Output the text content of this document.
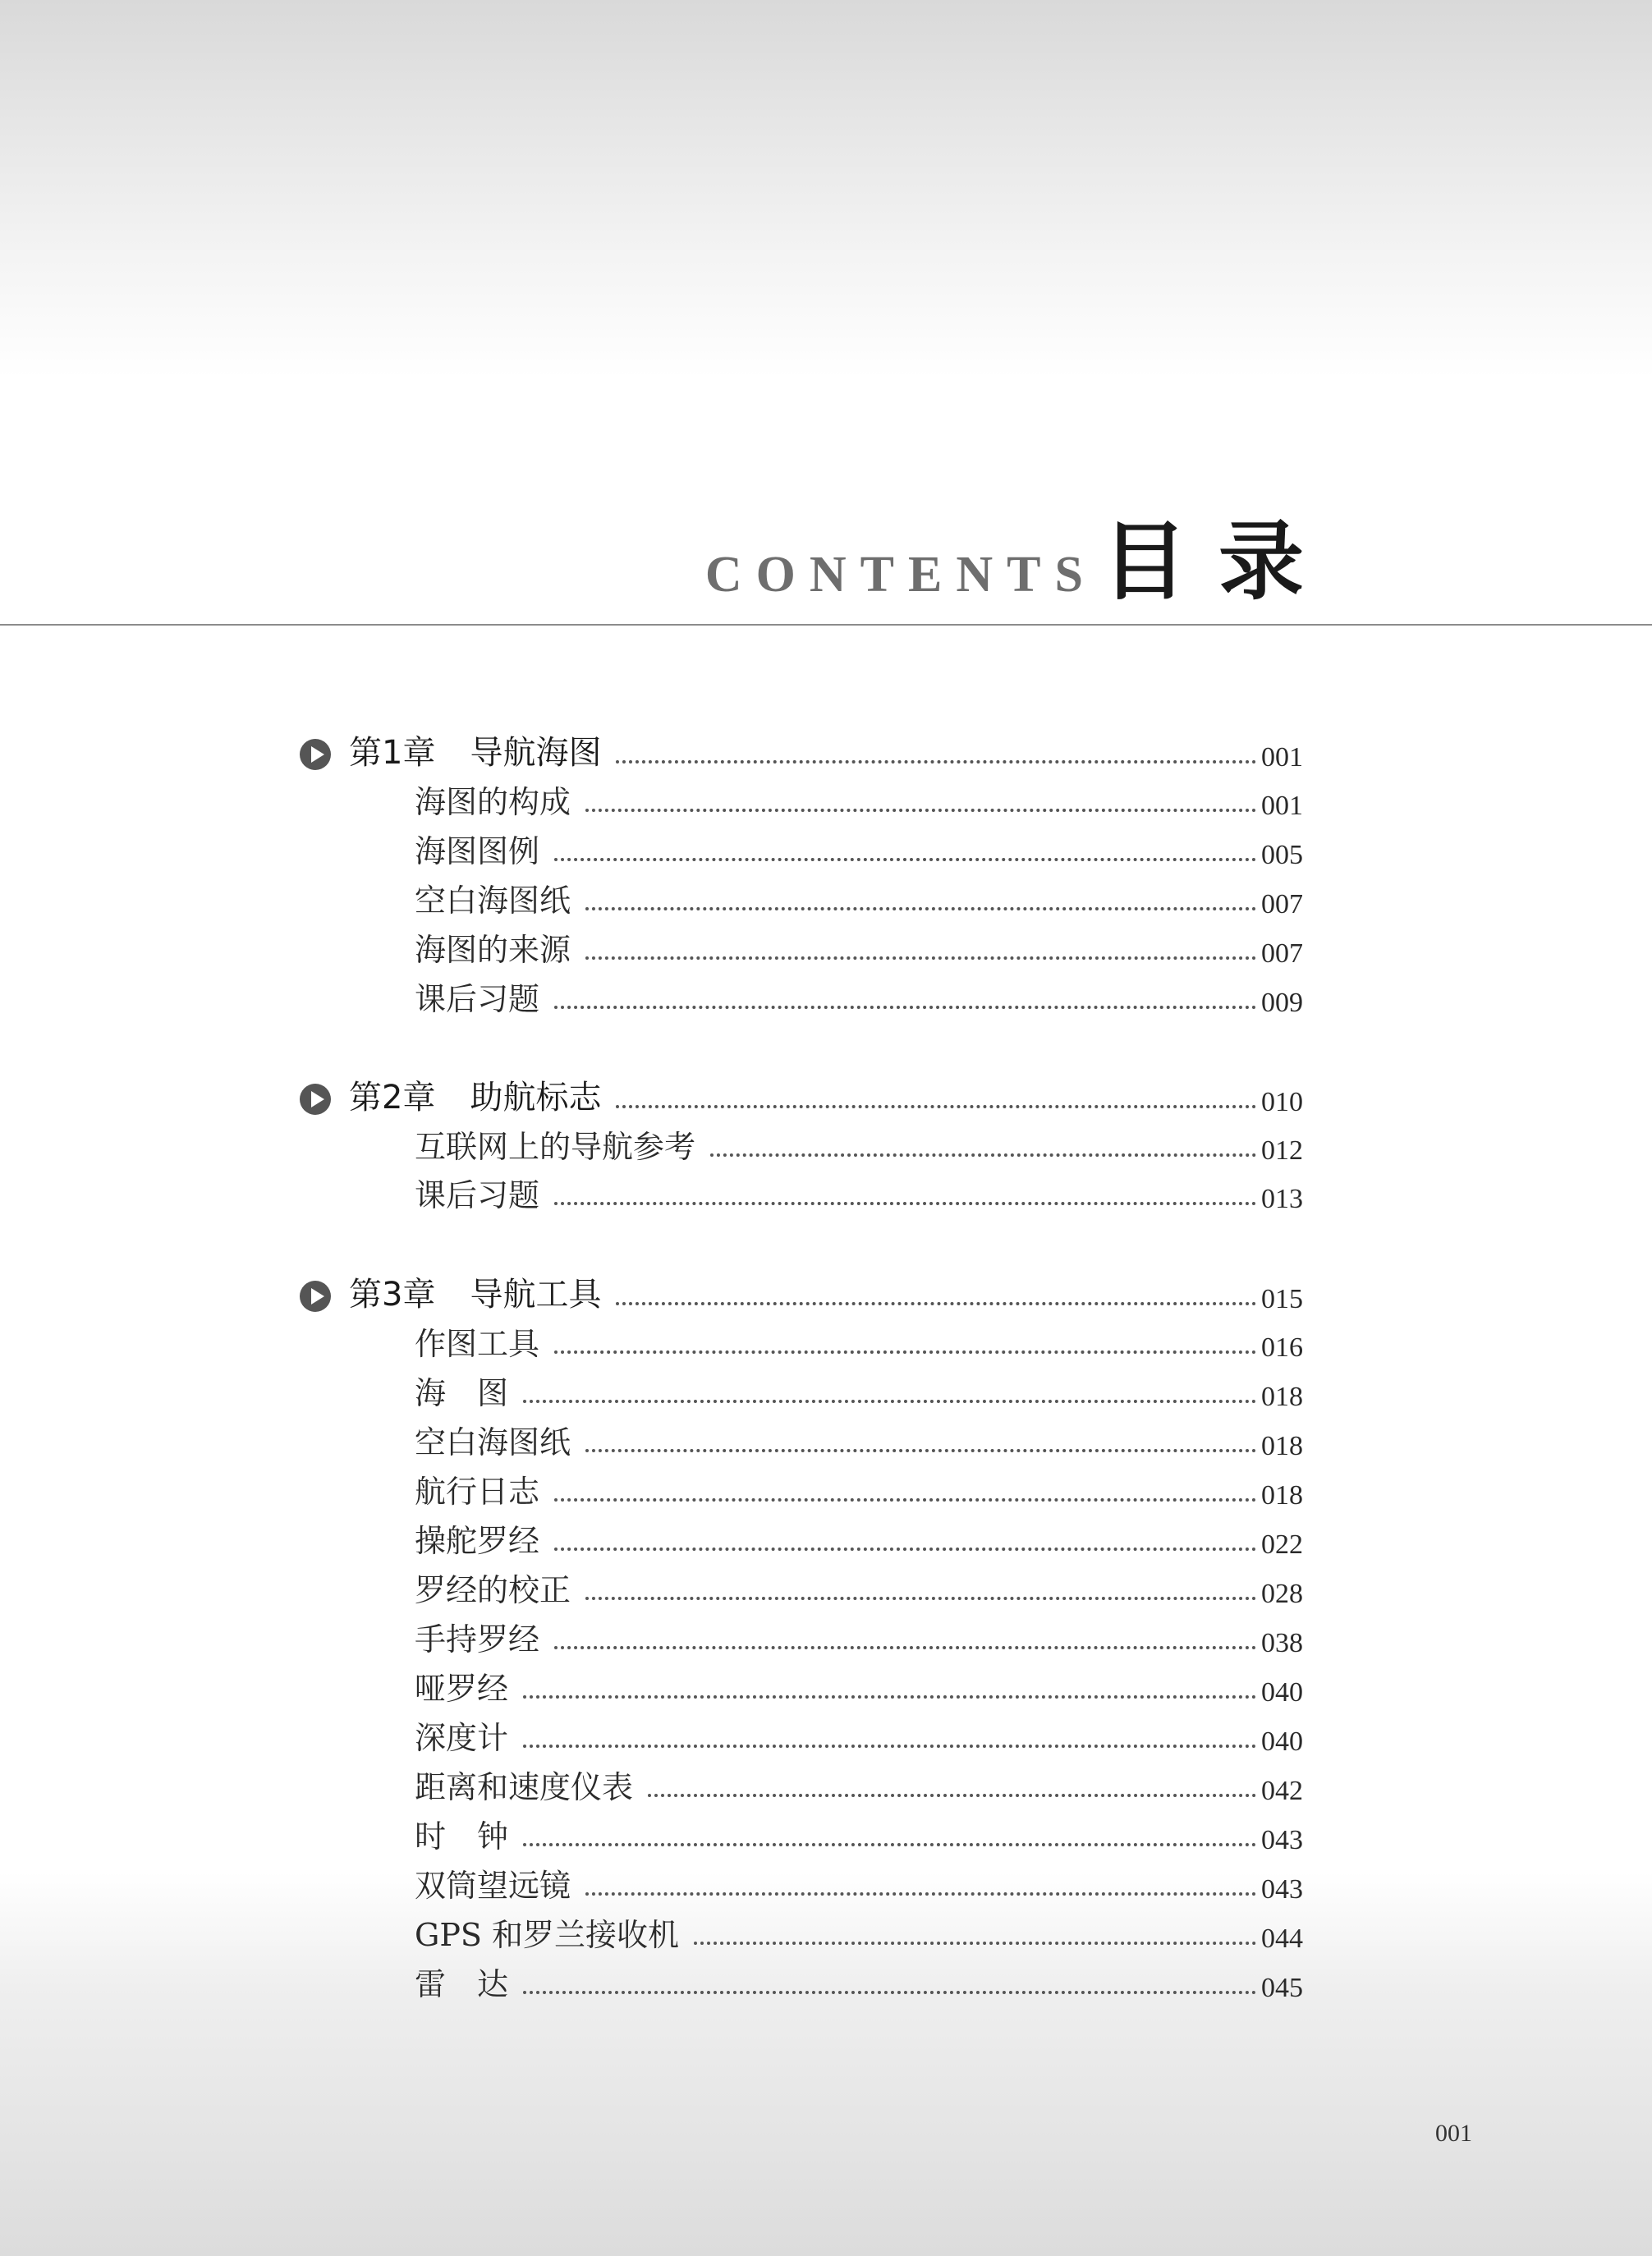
CONTENTS目录
第1章 导航海图	001
海图的构成	001
海图图例	005
空白海图纸	007
海图的来源	007
课后习题	009
第2章 助航标志	010
互联网上的导航参考	012
课后习题	013
第3章 导航工具	015
作图工具	016
海　图	018
空白海图纸	018
航行日志	018
操舵罗经	022
罗经的校正	028
手持罗经	038
哑罗经	040
深度计	040
距离和速度仪表	042
时　钟	043
双筒望远镜	043
GPS 和罗兰接收机	044
雷　达	045
001
